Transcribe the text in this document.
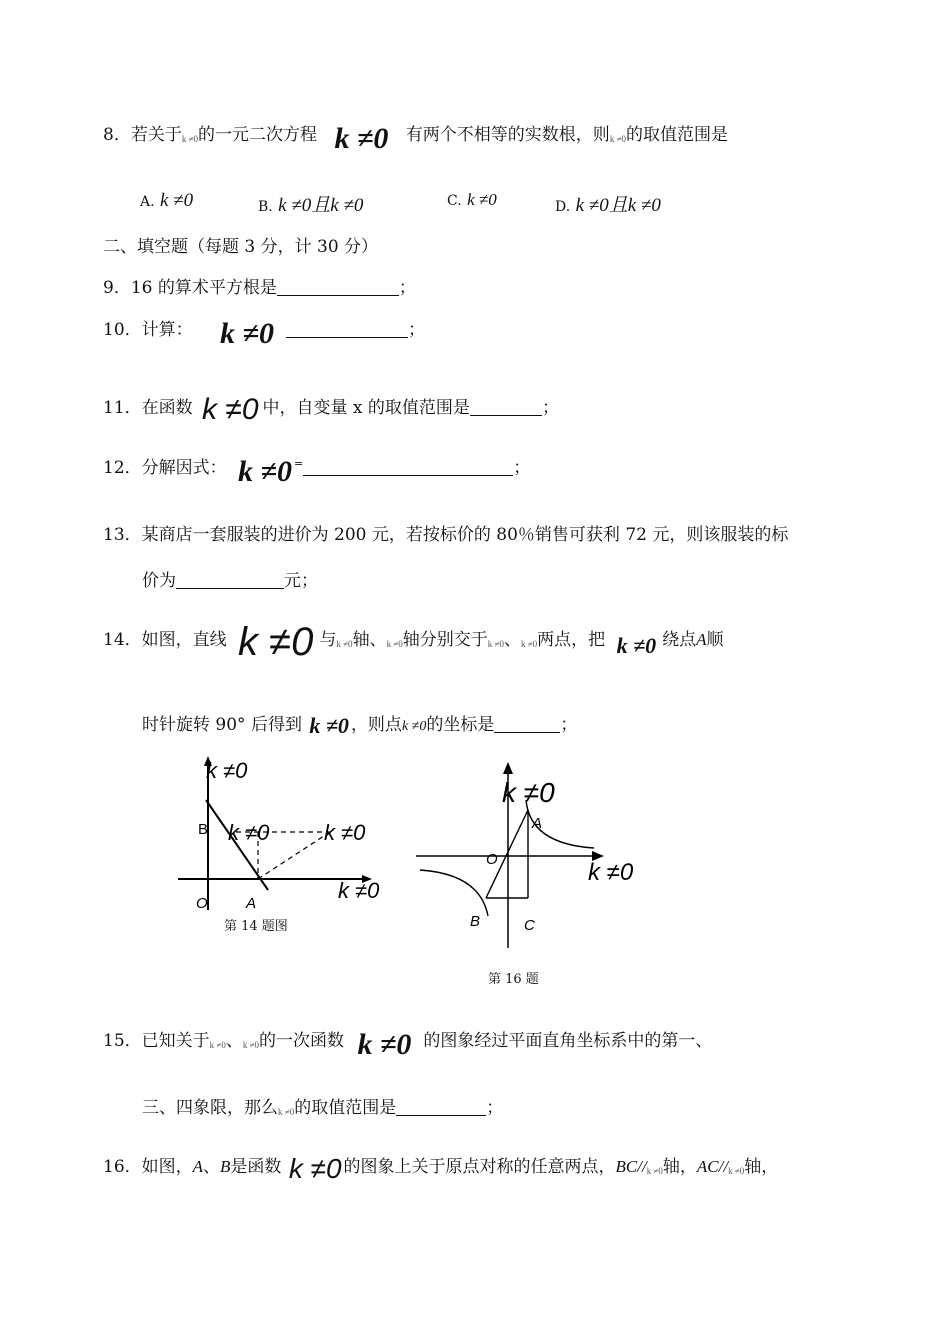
8．若关于k ≠0的一元二次方程 k ≠0 有两个不相等的实数根，则k ≠0的取值范围是
A. k ≠0	B. k ≠0且k ≠0	C. k ≠0	D. k ≠0且k ≠0
二、填空题（每题 3 分，计 30 分）
9．16 的算术平方根是	；
10．计算： k ≠0	；
11．在函数 k ≠0 中，自变量 x 的取值范围是	；
12．分解因式： k ≠0 =	；
13．某商店一套服装的进价为 200 元，若按标价的 80％销售可获利 72 元，则该服装的标
价为	元；
14．如图，直线 k ≠0 与k ≠0轴、k ≠0轴分别交于k ≠0、k ≠0两点，把 k ≠0 绕点A顺
时针旋转 90° 后得到 k ≠0 ，则点k ≠0的坐标是	；
B
O	A
k ≠0
k ≠0 k ≠0
k ≠0
第 14 题图
A
O
B	C
k ≠0
k ≠0
第 16 题
15．已知关于k ≠0、k ≠0的一次函数 k ≠0 的图象经过平面直角坐标系中的第一、
三、四象限，那么k ≠0的取值范围是	；
16．如图，A、B是函数 k ≠0 的图象上关于原点对称的任意两点，BC//k ≠0轴，AC//k ≠0轴，
